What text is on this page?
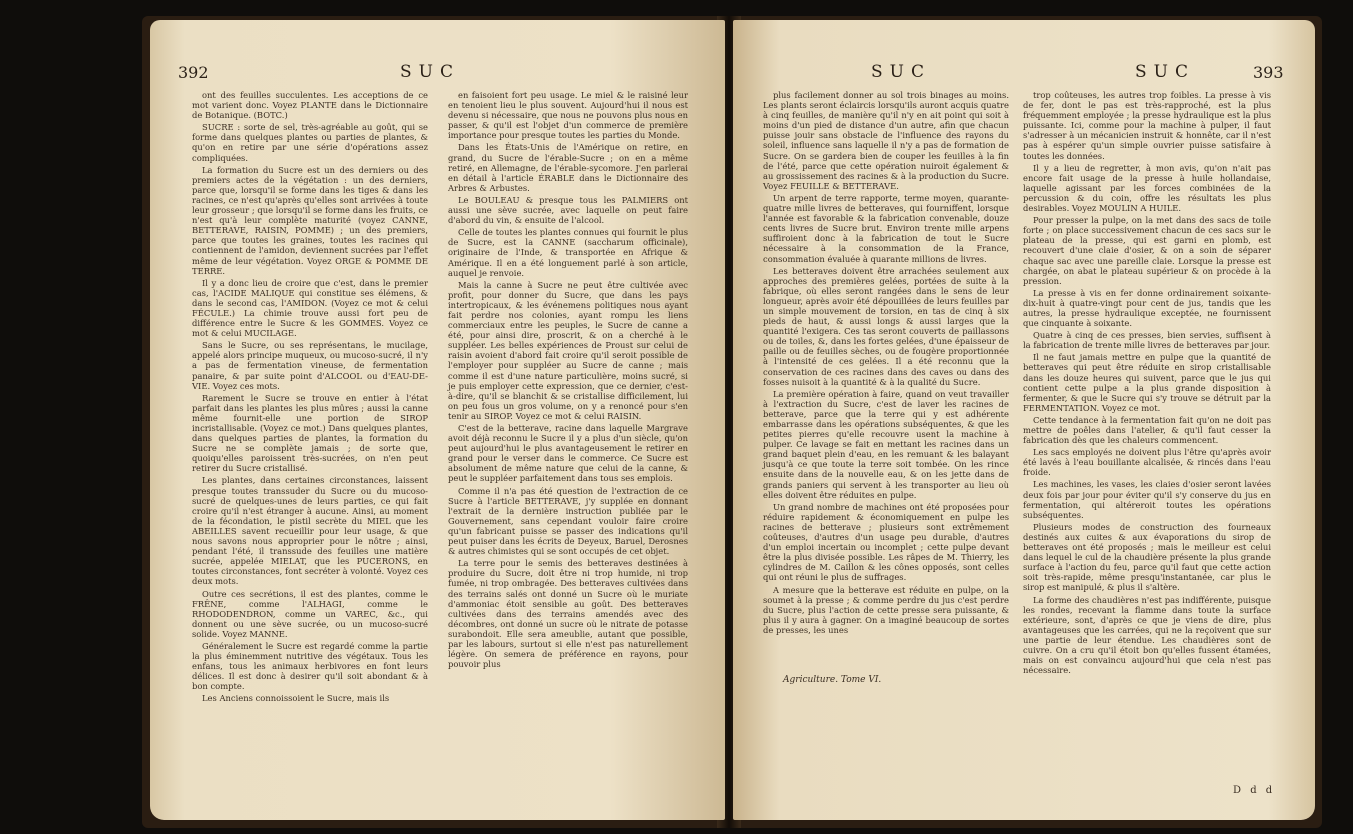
392	SUC

ont des feuilles succulentes. Les acceptions de ce mot varient donc. Voyez PLANTE dans le Dictionnaire de Botanique. (BOTC.)

SUCRE : sorte de sel, très-agréable au goût, qui se forme dans quelques plantes ou parties de plantes, & qu'on en retire par une série d'opérations assez compliquées.

La formation du Sucre est un des derniers ou des premiers actes de la végétation : un des derniers, parce que, lorsqu'il se forme dans les tiges & dans les racines, ce n'est qu'après qu'elles sont arrivées à toute leur grosseur ; que lorsqu'il se forme dans les fruits, ce n'est qu'à leur complète maturité (voyez CANNE, BETTERAVE, RAISIN, POMME) ; un des premiers, parce que toutes les graines, toutes les racines qui contiennent de l'amidon, deviennent sucrées par l'effet même de leur végétation. Voyez ORGE & POMME DE TERRE.

Il y a donc lieu de croire que c'est, dans le premier cas, l'ACIDE MALIQUE qui constitue ses élémens, & dans le second cas, l'AMIDON. (Voyez ce mot & celui FÉCULE.) La chimie trouve aussi fort peu de différence entre le Sucre & les GOMMES. Voyez ce mot & celui MUCILAGE.

Sans le Sucre, ou ses représentans, le mucilage, appelé alors principe muqueux, ou mucoso-sucré, il n'y a pas de fermentation vineuse, de fermentation panaire, & par suite point d'ALCOOL ou d'EAU-DE-VIE. Voyez ces mots.

Rarement le Sucre se trouve en entier à l'état parfait dans les plantes les plus mûres ; aussi la canne même fournit-elle une portion de SIROP incristallisable. (Voyez ce mot.) Dans quelques plantes, dans quelques parties de plantes, la formation du Sucre ne se complète jamais ; de sorte que, quoiqu'elles paroissent très-sucrées, on n'en peut retirer du Sucre cristallisé.

Les plantes, dans certaines circonstances, laissent presque toutes transsuder du Sucre ou du mucoso-sucré de quelques-unes de leurs parties, ce qui fait croire qu'il n'est étranger à aucune. Ainsi, au moment de la fécondation, le pistil secrète du MIEL que les ABEILLES savent recueillir pour leur usage, & que nous savons nous approprier pour le nôtre ; ainsi, pendant l'été, il transsude des feuilles une matière sucrée, appelée MIELAT, que les PUCERONS, en toutes circonstances, font secréter à volonté. Voyez ces deux mots.

Outre ces secrétions, il est des plantes, comme le FRÊNE, comme l'ALHAGI, comme le RHODODENDRON, comme un VAREC, &c., qui donnent ou une sève sucrée, ou un mucoso-sucré solide. Voyez MANNE.

Généralement le Sucre est regardé comme la partie la plus éminemment nutritive des végétaux. Tous les enfans, tous les animaux herbivores en font leurs délices. Il est donc à desirer qu'il soit abondant & à bon compte.

Les Anciens connoissoient le Sucre, mais ils

en faisoient fort peu usage. Le miel & le raisiné leur en tenoient lieu le plus souvent. Aujourd'hui il nous est devenu si nécessaire, que nous ne pouvons plus nous en passer, & qu'il est l'objet d'un commerce de première importance pour presque toutes les parties du Monde.

Dans les États-Unis de l'Amérique on retire, en grand, du Sucre de l'érable-Sucre ; on en a même retiré, en Allemagne, de l'érable-sycomore. J'en parlerai en détail à l'article ÉRABLE dans le Dictionnaire des Arbres & Arbustes.

Le BOULEAU & presque tous les PALMIERS ont aussi une sève sucrée, avec laquelle on peut faire d'abord du vin, & ensuite de l'alcool.

Celle de toutes les plantes connues qui fournit le plus de Sucre, est la CANNE (saccharum officinale), originaire de l'Inde, & transportée en Afrique & Amérique. Il en a été longuement parlé à son article, auquel je renvoie.

Mais la canne à Sucre ne peut être cultivée avec profit, pour donner du Sucre, que dans les pays intertropicaux, & les événemens politiques nous ayant fait perdre nos colonies, ayant rompu les liens commerciaux entre les peuples, le Sucre de canne a été, pour ainsi dire, proscrit, & on a cherché à le suppléer. Les belles expériences de Proust sur celui de raisin avoient d'abord fait croire qu'il seroit possible de l'employer pour suppléer au Sucre de canne ; mais comme il est d'une nature particulière, moins sucré, si je puis employer cette expression, que ce dernier, c'est-à-dire, qu'il se blanchit & se cristallise difficilement, lui on peu fous un gros volume, on y a renoncé pour s'en tenir au SIROP. Voyez ce mot & celui RAISIN.

C'est de la betterave, racine dans laquelle Margrave avoit déjà reconnu le Sucre il y a plus d'un siècle, qu'on peut aujourd'hui le plus avantageusement le retirer en grand pour le verser dans le commerce. Ce Sucre est absolument de même nature que celui de la canne, & peut le suppléer parfaitement dans tous ses emplois.

Comme il n'a pas été question de l'extraction de ce Sucre à l'article BETTERAVE, j'y supplée en donnant l'extrait de la dernière instruction publiée par le Gouvernement, sans cependant vouloir faire croire qu'un fabricant puisse se passer des indications qu'il peut puiser dans les écrits de Deyeux, Baruel, Derosnes & autres chimistes qui se sont occupés de cet objet.

La terre pour le semis des betteraves destinées à produire du Sucre, doit être ni trop humide, ni trop fumée, ni trop ombragée. Des betteraves cultivées dans des terrains salés ont donné un Sucre où le muriate d'ammoniac étoit sensible au goût. Des betteraves cultivées dans des terrains amendés avec des décombres, ont donné un sucre où le nitrate de potasse surabondoit. Elle sera ameublie, autant que possible, par les labours, surtout si elle n'est pas naturellement légère. On semera de préférence en rayons, pour pouvoir plus

SUC	SUC	393

plus facilement donner au sol trois binages au moins. Les plants seront éclaircis lorsqu'ils auront acquis quatre à cinq feuilles, de manière qu'il n'y en ait point qui soit à moins d'un pied de distance d'un autre, afin que chacun puisse jouir sans obstacle de l'influence des rayons du soleil, influence sans laquelle il n'y a pas de formation de Sucre. On se gardera bien de couper les feuilles à la fin de l'été, parce que cette opération nuiroit également & au grossissement des racines & à la production du Sucre. Voyez FEUILLE & BETTERAVE.

Un arpent de terre rapporte, terme moyen, quarante-quatre mille livres de betteraves, qui fourniffent, lorsque l'année est favorable & la fabrication convenable, douze cents livres de Sucre brut. Environ trente mille arpens suffiroient donc à la fabrication de tout le Sucre nécessaire à la consommation de la France, consommation évaluée à quarante millions de livres.

Les betteraves doivent être arrachées seulement aux approches des premières gelées, portées de suite à la fabrique, où elles seront rangées dans le sens de leur longueur, après avoir été dépouillées de leurs feuilles par un simple mouvement de torsion, en tas de cinq à six pieds de haut, & aussi longs & aussi larges que la quantité l'exigera. Ces tas seront couverts de paillassons ou de toiles, &, dans les fortes gelées, d'une épaisseur de paille ou de feuilles sèches, ou de fougère proportionnée à l'intensité de ces gelées. Il a été reconnu que la conservation de ces racines dans des caves ou dans des fosses nuisoit à la quantité & à la qualité du Sucre.

La première opération à faire, quand on veut travailler à l'extraction du Sucre, c'est de laver les racines de betterave, parce que la terre qui y est adhérente embarrasse dans les opérations subséquentes, & que les petites pierres qu'elle recouvre usent la machine à pulper. Ce lavage se fait en mettant les racines dans un grand baquet plein d'eau, en les remuant & les balayant jusqu'à ce que toute la terre soit tombée. On les rince ensuite dans de la nouvelle eau, & on les jette dans de grands paniers qui servent à les transporter au lieu où elles doivent être réduites en pulpe.

Un grand nombre de machines ont été proposées pour réduire rapidement & économiquement en pulpe les racines de betterave ; plusieurs sont extrêmement coûteuses, d'autres d'un usage peu durable, d'autres d'un emploi incertain ou incomplet ; cette pulpe devant être la plus divisée possible. Les râpes de M. Thierry, les cylindres de M. Caillon & les cônes opposés, sont celles qui ont réuni le plus de suffrages.

A mesure que la betterave est réduite en pulpe, on la soumet à la presse ; & comme perdre du jus c'est perdre du Sucre, plus l'action de cette presse sera puissante, & plus il y aura à gagner. On a imaginé beaucoup de sortes de presses, les unes

trop coûteuses, les autres trop foibles. La presse à vis de fer, dont le pas est très-rapproché, est la plus fréquemment employée ; la presse hydraulique est la plus puissante. Ici, comme pour la machine à pulper, il faut s'adresser à un mécanicien instruit & honnête, car il n'est pas à espérer qu'un simple ouvrier puisse satisfaire à toutes les données.

Il y a lieu de regretter, à mon avis, qu'on n'ait pas encore fait usage de la presse à huile hollandaise, laquelle agissant par les forces combinées de la percussion & du coin, offre les résultats les plus desirables. Voyez MOULIN A HUILE.

Pour presser la pulpe, on la met dans des sacs de toile forte ; on place successivement chacun de ces sacs sur le plateau de la presse, qui est garni en plomb, est recouvert d'une claie d'osier, & on a soin de séparer chaque sac avec une pareille claie. Lorsque la presse est chargée, on abat le plateau supérieur & on procède à la pression.

La presse à vis en fer donne ordinairement soixante-dix-huit à quatre-vingt pour cent de jus, tandis que les autres, la presse hydraulique exceptée, ne fournissent que cinquante à soixante.

Quatre à cinq de ces presses, bien servies, suffisent à la fabrication de trente mille livres de betteraves par jour.

Il ne faut jamais mettre en pulpe que la quantité de betteraves qui peut être réduite en sirop cristallisable dans les douze heures qui suivent, parce que le jus qui contient cette pulpe a la plus grande disposition à fermenter, & que le Sucre qui s'y trouve se détruit par la FERMENTATION. Voyez ce mot.

Cette tendance à la fermentation fait qu'on ne doit pas mettre de poêles dans l'atelier, & qu'il faut cesser la fabrication dès que les chaleurs commencent.

Les sacs employés ne doivent plus l'être qu'après avoir été lavés à l'eau bouillante alcalisée, & rincés dans l'eau froide.

Les machines, les vases, les claies d'osier seront lavées deux fois par jour pour éviter qu'il s'y conserve du jus en fermentation, qui altéreroit toutes les opérations subséquentes.

Plusieurs modes de construction des fourneaux destinés aux cuites & aux évaporations du sirop de betteraves ont été proposés ; mais le meilleur est celui dans lequel le cul de la chaudière présente la plus grande surface à l'action du feu, parce qu'il faut que cette action soit très-rapide, même presqu'instantanée, car plus le sirop est manipulé, & plus il s'altère.

La forme des chaudières n'est pas indifférente, puisque les rondes, recevant la flamme dans toute la surface extérieure, sont, d'après ce que je viens de dire, plus avantageuses que les carrées, qui ne la reçoivent que sur une partie de leur étendue. Les chaudières sont de cuivre. On a cru qu'il étoit bon qu'elles fussent étamées, mais on est convaincu aujourd'hui que cela n'est pas nécessaire.

Agriculture. Tome VI.
D d d
